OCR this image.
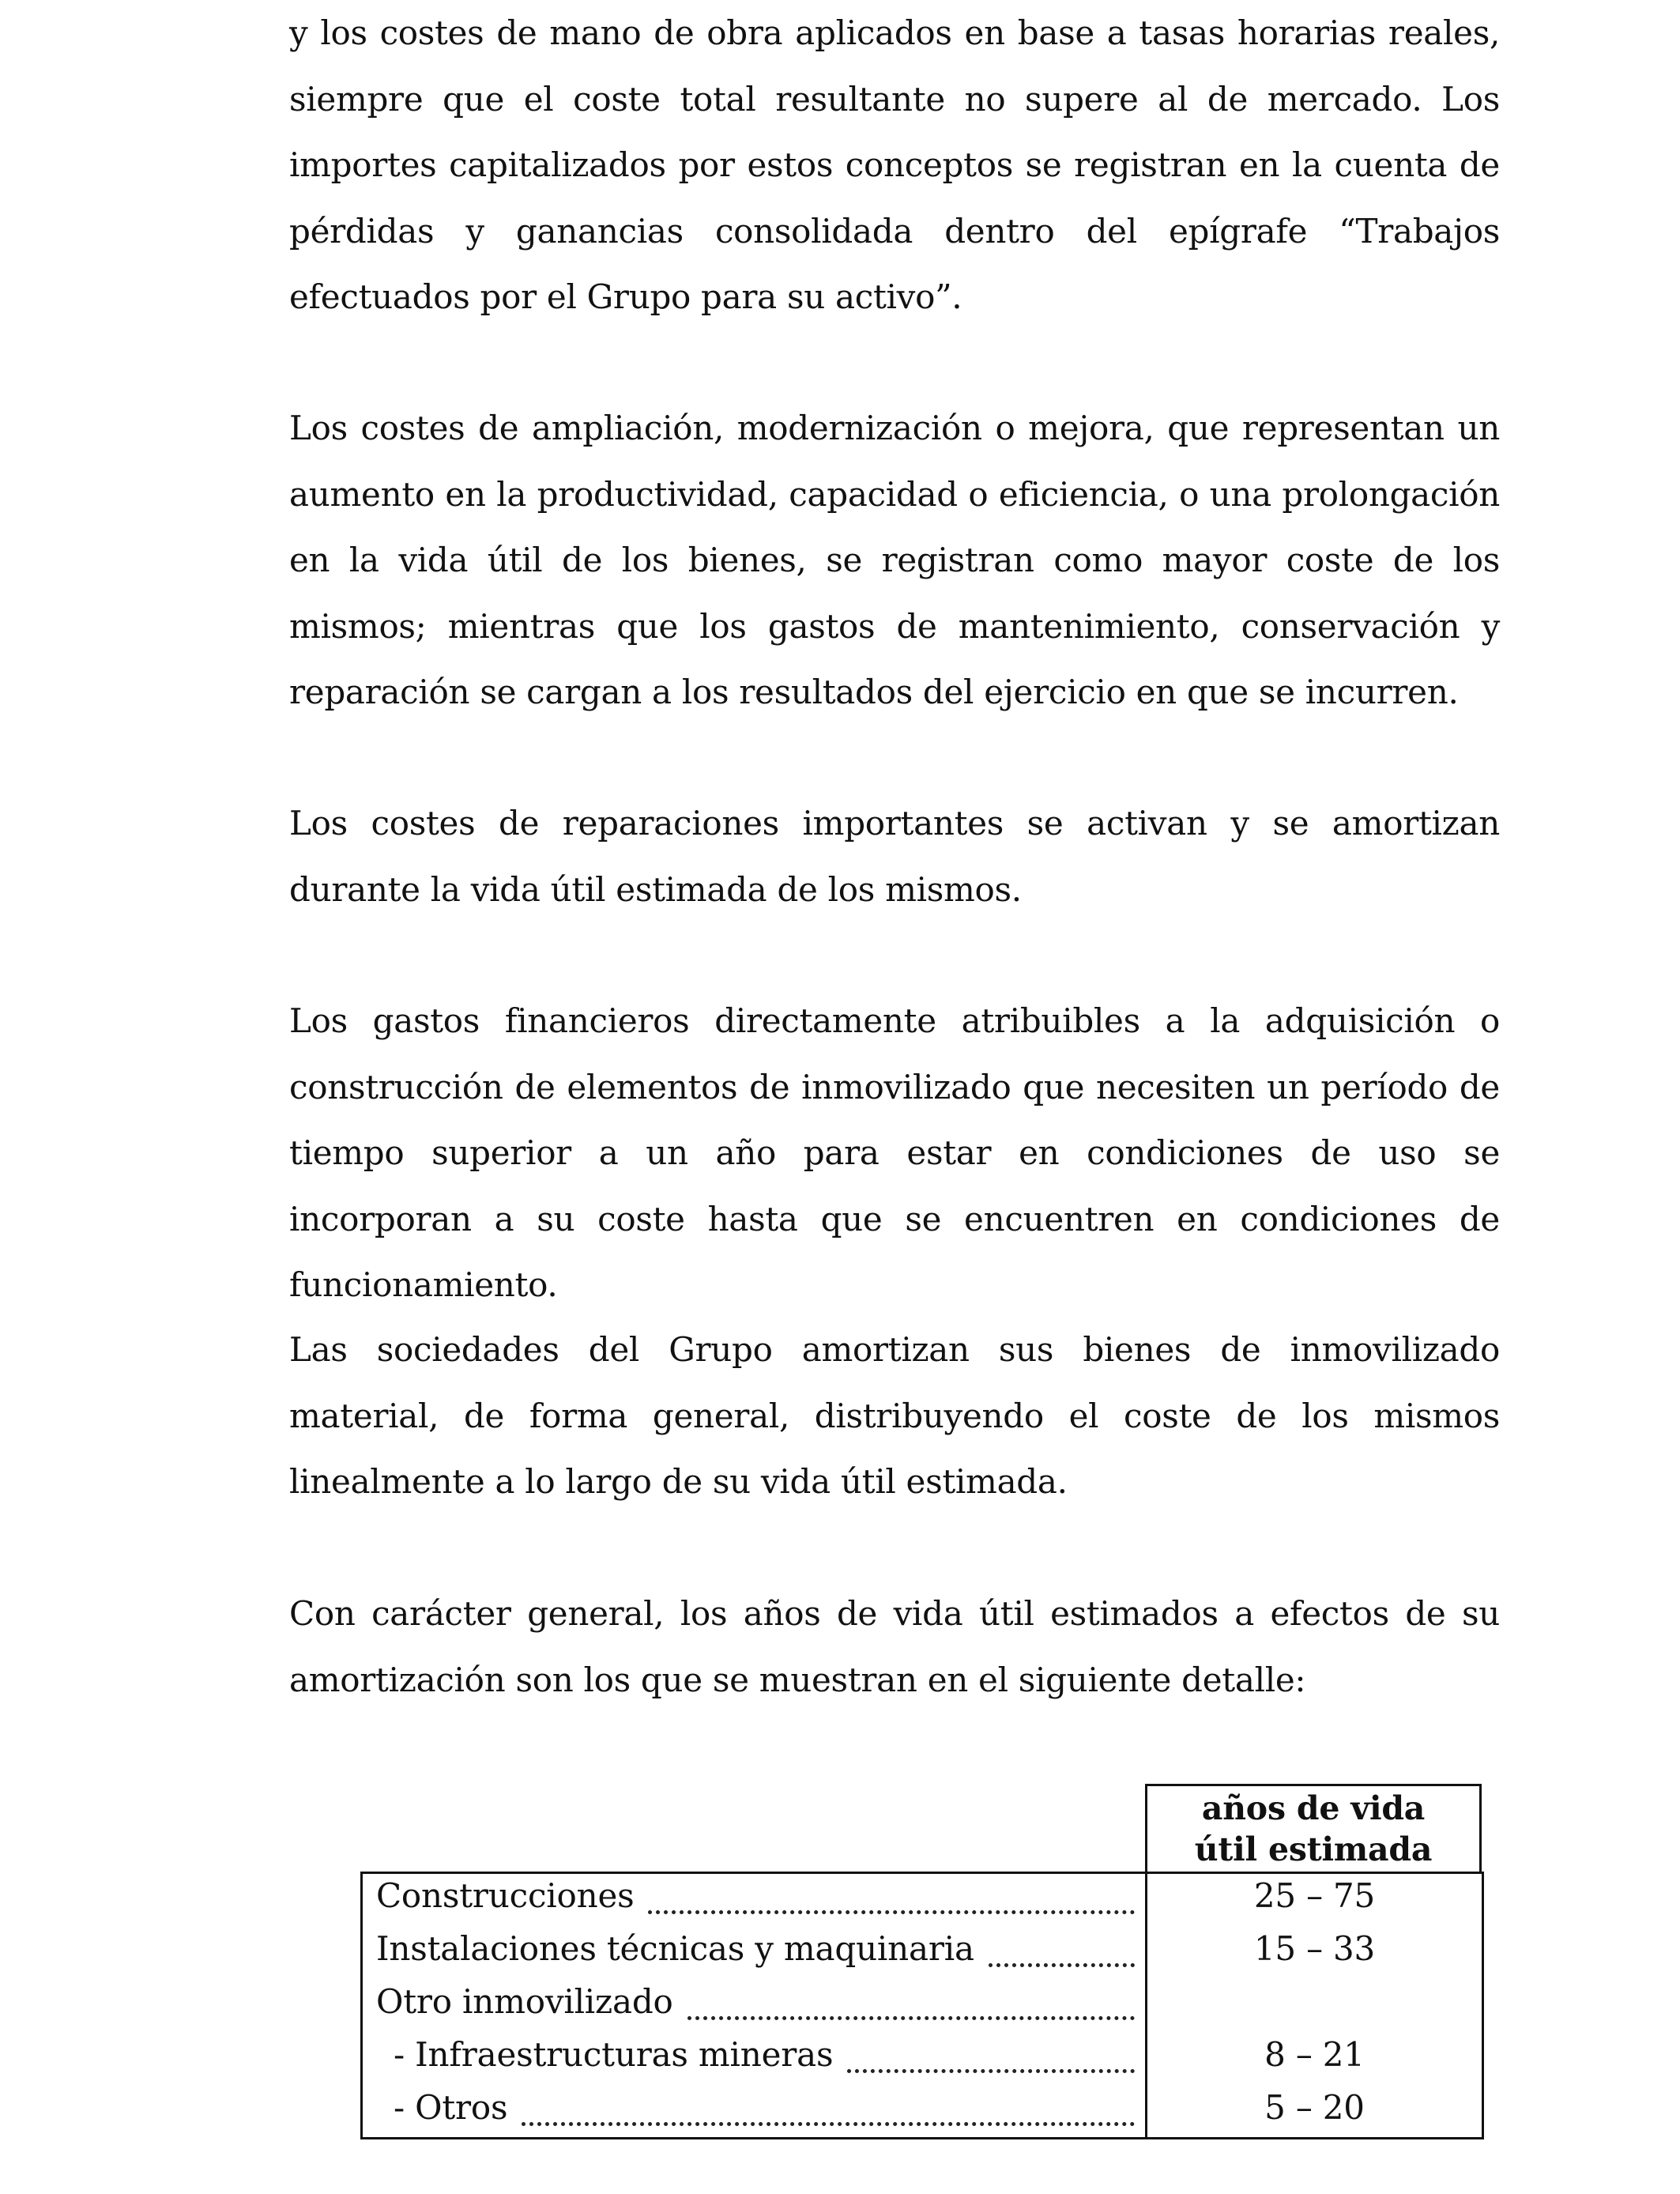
y los costes de mano de obra aplicados en base a tasas horarias reales, siempre que el coste total resultante no supere al de mercado. Los importes capitalizados por estos conceptos se registran en la cuenta de pérdidas y ganancias consolidada dentro del epígrafe “Trabajos efectuados por el Grupo para su activo”.

Los costes de ampliación, modernización o mejora, que representan un aumento en la productividad, capacidad o eficiencia, o una prolongación en la vida útil de los bienes, se registran como mayor coste de los mismos; mientras que los gastos de mantenimiento, conservación y reparación se cargan a los resultados del ejercicio en que se incurren.

Los costes de reparaciones importantes se activan y se amortizan durante la vida útil estimada de los mismos.

Los gastos financieros directamente atribuibles a la adquisición o construcción de elementos de inmovilizado que necesiten un período de tiempo superior a un año para estar en condiciones de uso se incorporan a su coste hasta que se encuentren en condiciones de funcionamiento.

Las sociedades del Grupo amortizan sus bienes de inmovilizado material, de forma general, distribuyendo el coste de los mismos linealmente a lo largo de su vida útil estimada.

Con carácter general, los años de vida útil estimados a efectos de su amortización son los que se muestran en el siguiente detalle:

años de vida
útil estimada
Construcciones	25 – 75
Instalaciones técnicas y maquinaria	15 – 33
Otro inmovilizado
- Infraestructuras mineras	8 – 21
- Otros	5 – 20
